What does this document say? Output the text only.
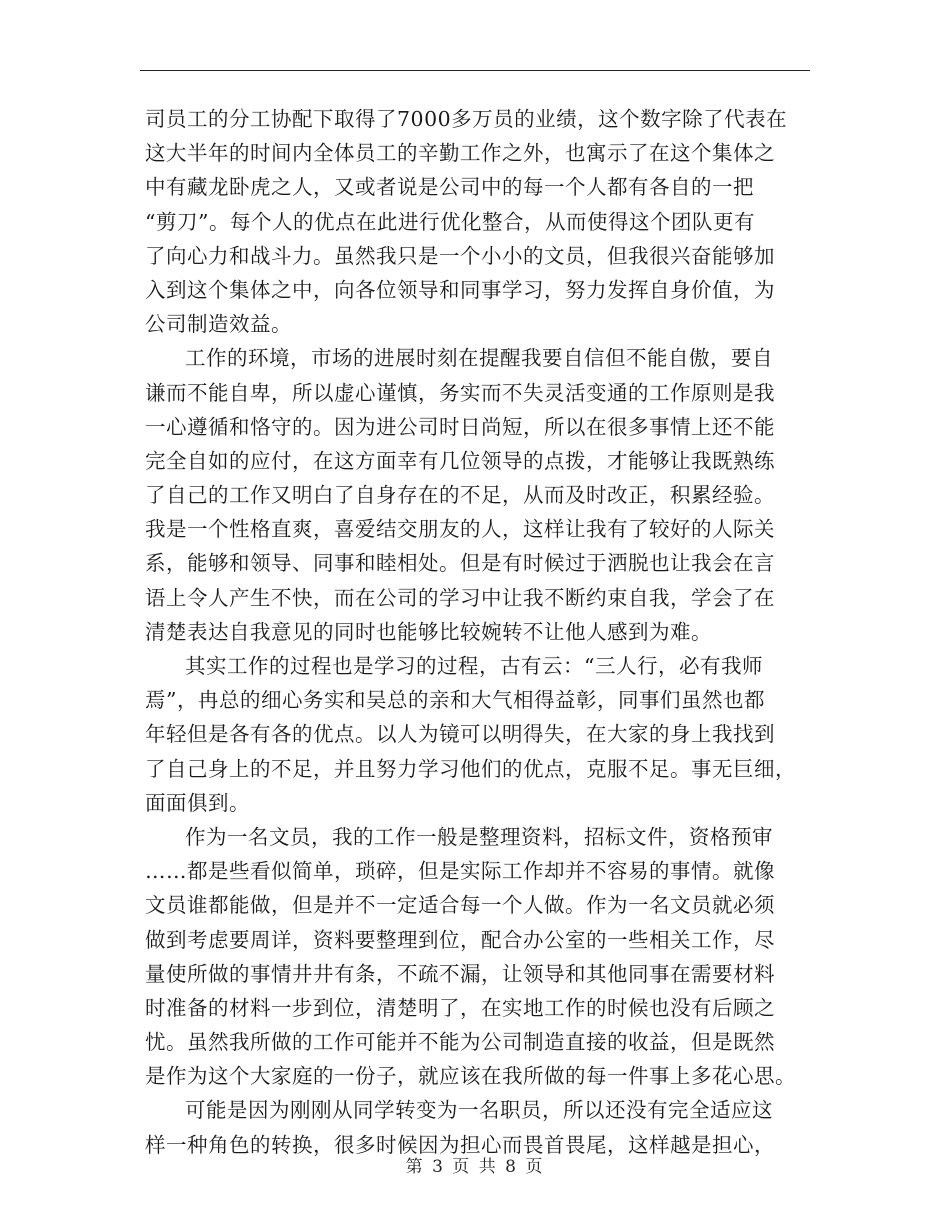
司员工的分工协配下取得了7000多万员的业绩，这个数字除了代表在
这大半年的时间内全体员工的辛勤工作之外，也寓示了在这个集体之
中有藏龙卧虎之人，又或者说是公司中的每一个人都有各自的一把
“剪刀”。每个人的优点在此进行优化整合，从而使得这个团队更有
了向心力和战斗力。虽然我只是一个小小的文员，但我很兴奋能够加
入到这个集体之中，向各位领导和同事学习，努力发挥自身价值，为
公司制造效益。
工作的环境，市场的进展时刻在提醒我要自信但不能自傲，要自
谦而不能自卑，所以虚心谨慎，务实而不失灵活变通的工作原则是我
一心遵循和恪守的。因为进公司时日尚短，所以在很多事情上还不能
完全自如的应付，在这方面幸有几位领导的点拨，才能够让我既熟练
了自己的工作又明白了自身存在的不足，从而及时改正，积累经验。
我是一个性格直爽，喜爱结交朋友的人，这样让我有了较好的人际关
系，能够和领导、同事和睦相处。但是有时候过于洒脱也让我会在言
语上令人产生不快，而在公司的学习中让我不断约束自我，学会了在
清楚表达自我意见的同时也能够比较婉转不让他人感到为难。
其实工作的过程也是学习的过程，古有云：“三人行，必有我师
焉”，冉总的细心务实和吴总的亲和大气相得益彰，同事们虽然也都
年轻但是各有各的优点。以人为镜可以明得失，在大家的身上我找到
了自己身上的不足，并且努力学习他们的优点，克服不足。事无巨细，
面面俱到。
作为一名文员，我的工作一般是整理资料，招标文件，资格预审
……都是些看似简单，琐碎，但是实际工作却并不容易的事情。就像
文员谁都能做，但是并不一定适合每一个人做。作为一名文员就必须
做到考虑要周详，资料要整理到位，配合办公室的一些相关工作，尽
量使所做的事情井井有条，不疏不漏，让领导和其他同事在需要材料
时准备的材料一步到位，清楚明了，在实地工作的时候也没有后顾之
忧。虽然我所做的工作可能并不能为公司制造直接的收益，但是既然
是作为这个大家庭的一份子，就应该在我所做的每一件事上多花心思。
可能是因为刚刚从同学转变为一名职员，所以还没有完全适应这
样一种角色的转换，很多时候因为担心而畏首畏尾，这样越是担心，
第 3 页 共 8 页
